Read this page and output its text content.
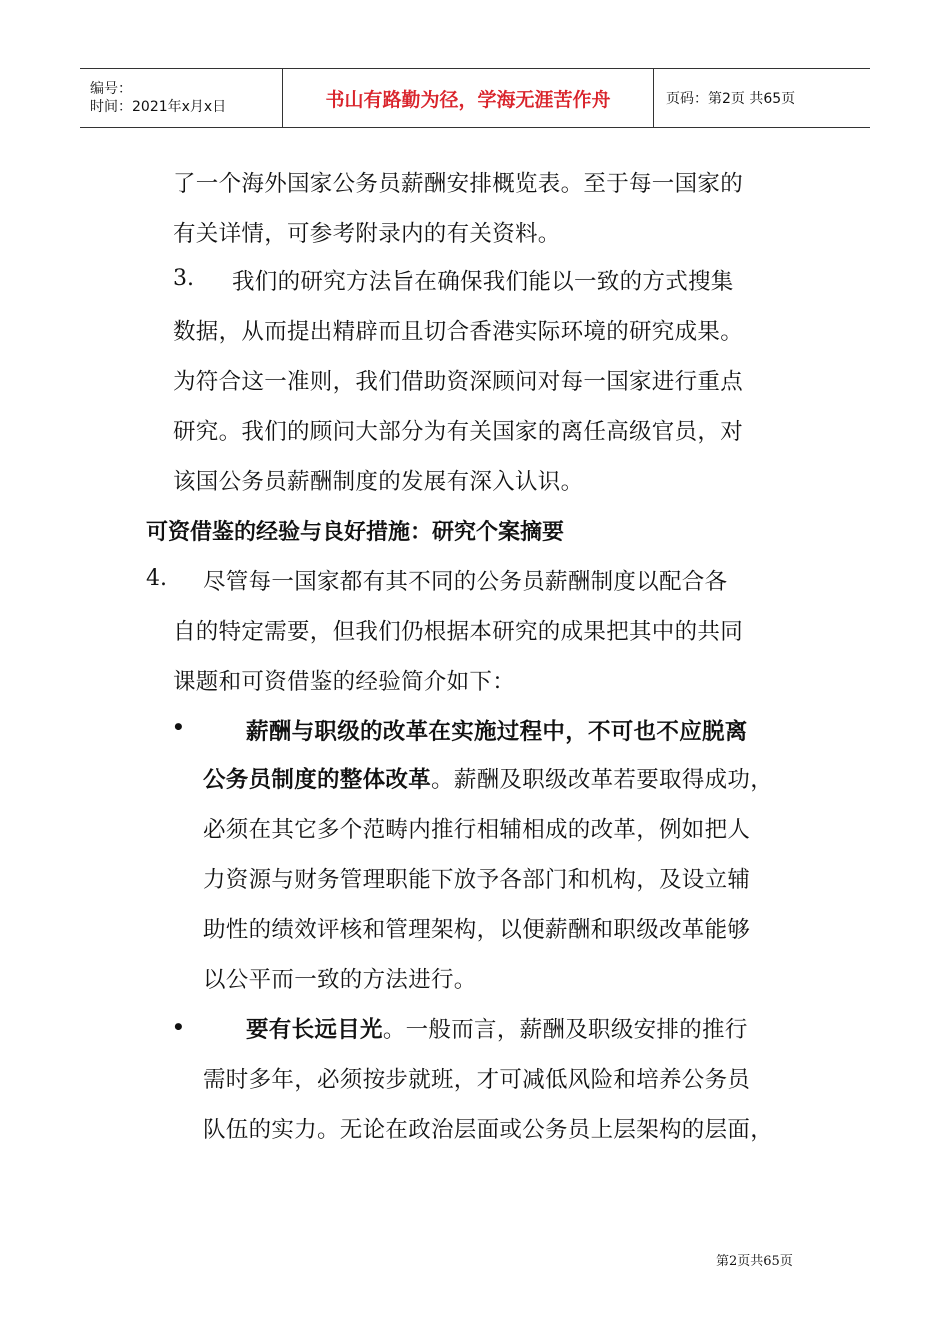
编号：
时间：2021年x月x日	书山有路勤为径，学海无涯苦作舟	页码：第2页 共65页
了一个海外国家公务员薪酬安排概览表。至于每一国家的
有关详情，可参考附录内的有关资料。
3. 我们的研究方法旨在确保我们能以一致的方式搜集
数据，从而提出精辟而且切合香港实际环境的研究成果。
为符合这一准则，我们借助资深顾问对每一国家进行重点
研究。我们的顾问大部分为有关国家的离任高级官员，对
该国公务员薪酬制度的发展有深入认识。
可资借鉴的经验与良好措施：研究个案摘要
4. 尽管每一国家都有其不同的公务员薪酬制度以配合各
自的特定需要，但我们仍根据本研究的成果把其中的共同
课题和可资借鉴的经验简介如下：
•	薪酬与职级的改革在实施过程中，不可也不应脱离
公务员制度的整体改革。薪酬及职级改革若要取得成功，
必须在其它多个范畴内推行相辅相成的改革，例如把人
力资源与财务管理职能下放予各部门和机构，及设立辅
助性的绩效评核和管理架构，以便薪酬和职级改革能够
以公平而一致的方法进行。
•	要有长远目光。一般而言，薪酬及职级安排的推行
需时多年，必须按步就班，才可减低风险和培养公务员
队伍的实力。无论在政治层面或公务员上层架构的层面，
第2页共65页
